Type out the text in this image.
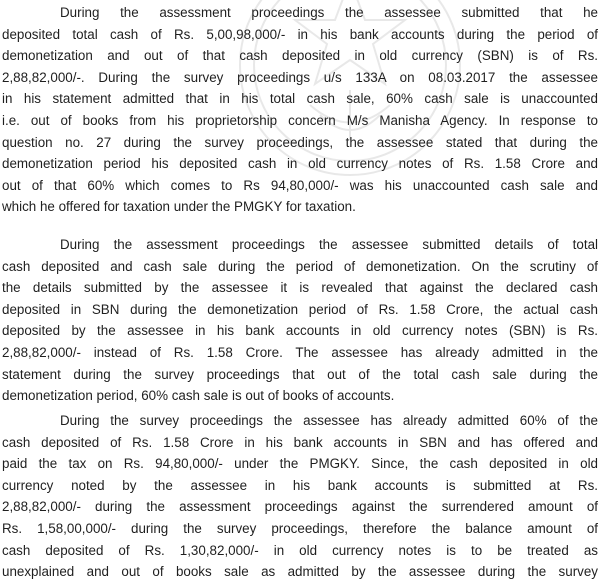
During the assessment proceedings the assessee submitted that he
deposited total cash of Rs. 5,00,98,000/- in his bank accounts during the period of
demonetization and out of that cash deposited in old currency (SBN) is of Rs.
2,88,82,000/-. During the survey proceedings u/s 133A on 08.03.2017 the assessee
in his statement admitted that in his total cash sale, 60% cash sale is unaccounted
i.e. out of books from his proprietorship concern M/s Manisha Agency. In response to
question no. 27 during the survey proceedings, the assessee stated that during the
demonetization period his deposited cash in old currency notes of Rs. 1.58 Crore and
out of that 60% which comes to Rs 94,80,000/- was his unaccounted cash sale and
which he offered for taxation under the PMGKY for taxation.
During the assessment proceedings the assessee submitted details of total
cash deposited and cash sale during the period of demonetization. On the scrutiny of
the details submitted by the assessee it is revealed that against the declared cash
deposited in SBN during the demonetization period of Rs. 1.58 Crore, the actual cash
deposited by the assessee in his bank accounts in old currency notes (SBN) is Rs.
2,88,82,000/- instead of Rs. 1.58 Crore. The assessee has already admitted in the
statement during the survey proceedings that out of the total cash sale during the
demonetization period, 60% cash sale is out of books of accounts.
During the survey proceedings the assessee has already admitted 60% of the
cash deposited of Rs. 1.58 Crore in his bank accounts in SBN and has offered and
paid the tax on Rs. 94,80,000/- under the PMGKY. Since, the cash deposited in old
currency noted by the assessee in his bank accounts is submitted at Rs.
2,88,82,000/- during the assessment proceedings against the surrendered amount of
Rs. 1,58,00,000/- during the survey proceedings, therefore the balance amount of
cash deposited of Rs. 1,30,82,000/- in old currency notes is to be treated as
unexplained and out of books sale as admitted by the assessee during the survey
